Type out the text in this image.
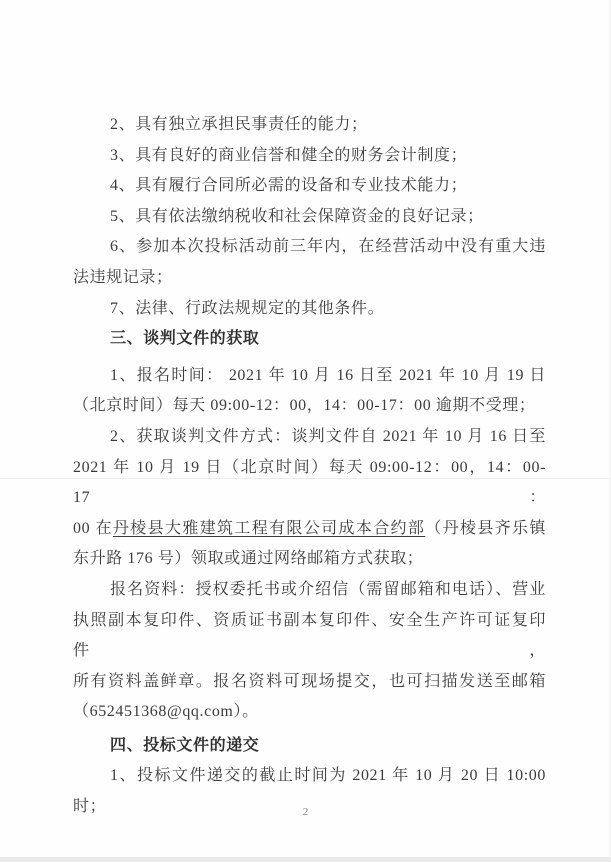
2、具有独立承担民事责任的能力；
3、具有良好的商业信誉和健全的财务会计制度；
4、具有履行合同所必需的设备和专业技术能力；
5、具有依法缴纳税收和社会保障资金的良好记录；
6、参加本次投标活动前三年内，在经营活动中没有重大违
法违规记录；
7、法律、行政法规规定的其他条件。
三、谈判文件的获取
1、报名时间： 2021 年 10 月 16 日至 2021 年 10 月 19 日
（北京时间）每天 09:00-12：00，14：00-17：00 逾期不受理；
2、获取谈判文件方式：谈判文件自 2021 年 10 月 16 日至
2021 年 10 月 19 日（北京时间）每天 09:00-12：00，14：00-17：
00 在丹棱县大雅建筑工程有限公司成本合约部（丹棱县齐乐镇
东升路 176 号）领取或通过网络邮箱方式获取；
报名资料：授权委托书或介绍信（需留邮箱和电话）、营业
执照副本复印件、资质证书副本复印件、安全生产许可证复印件，
所有资料盖鲜章。报名资料可现场提交，也可扫描发送至邮箱
（652451368@qq.com）。
四、投标文件的递交
1、投标文件递交的截止时间为 2021 年 10 月 20 日 10:00
时；	2
